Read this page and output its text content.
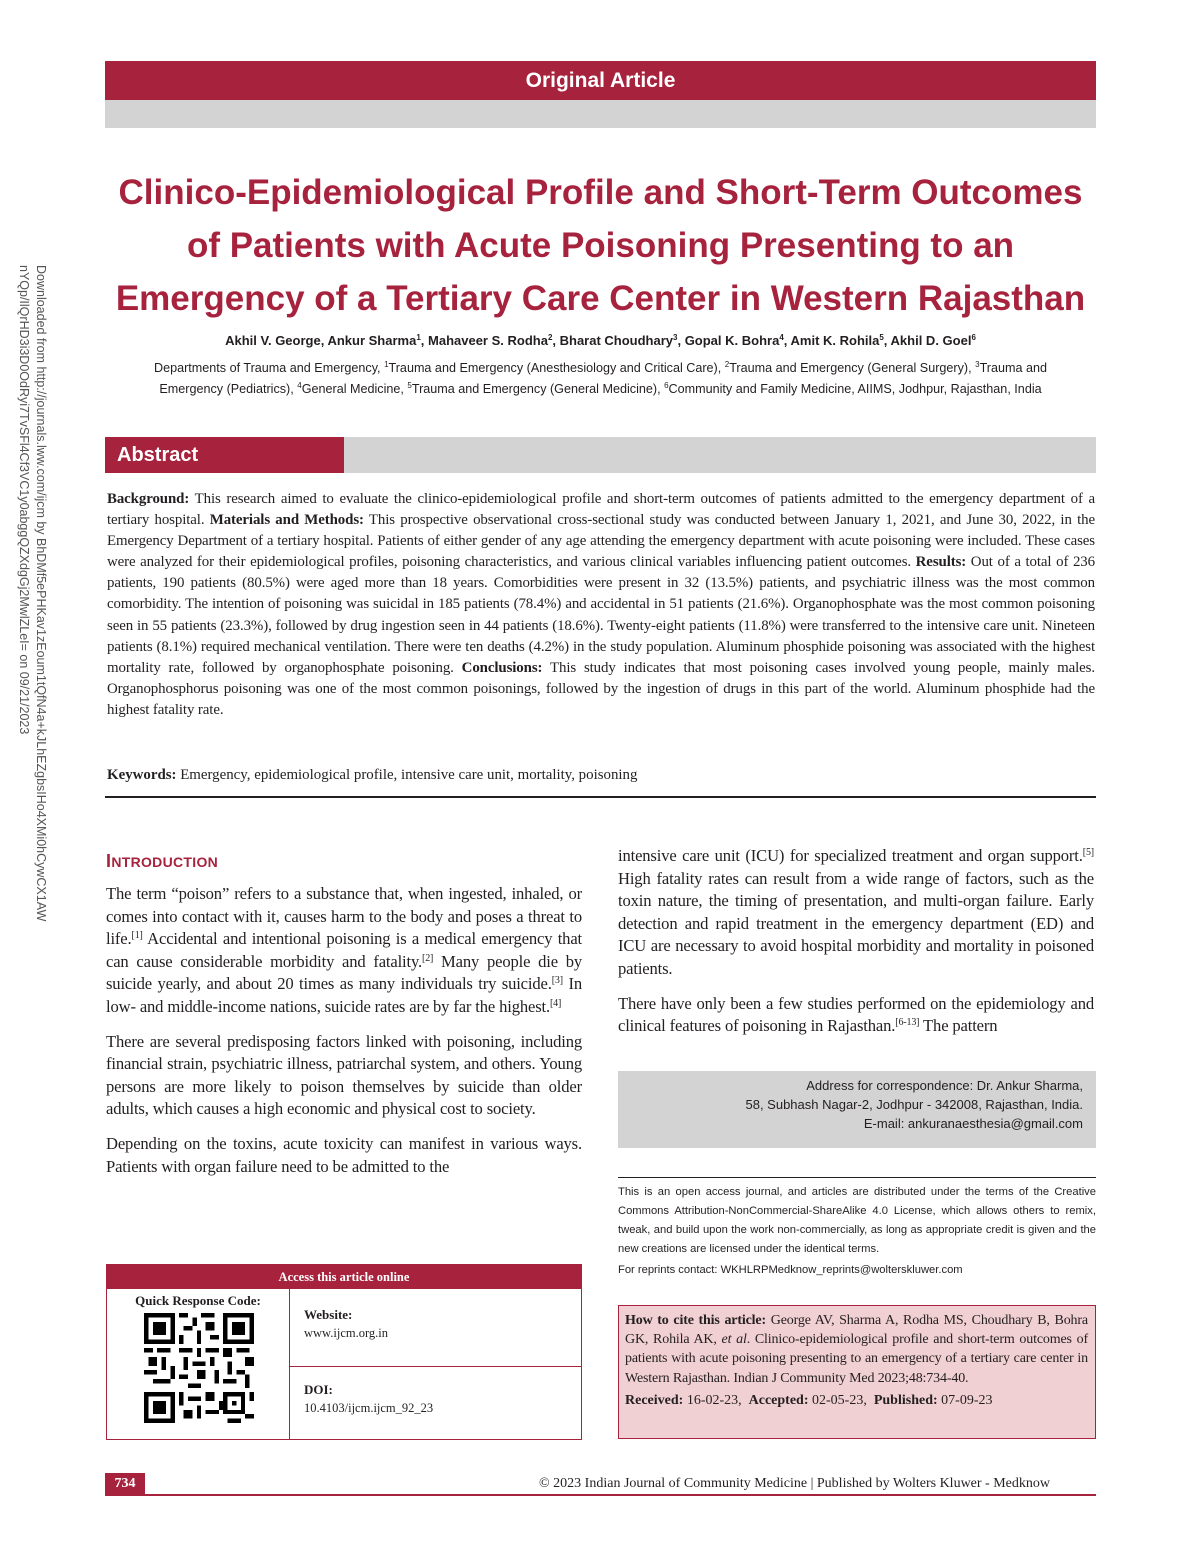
Downloaded from http://journals.lww.com/ijcm by BhDMf5ePHKav1zEoum1tQfN4a+kJLhEZgbsIHo4XMi0hCywCX1AW
nYQp/IlQrHD3i3D0OdRyi7TvSFl4Cf3VC1y0abggQZXdgGj2MwlZLeI= on 09/21/2023
Original Article
Clinico-Epidemiological Profile and Short-Term Outcomes of Patients with Acute Poisoning Presenting to an Emergency of a Tertiary Care Center in Western Rajasthan
Akhil V. George, Ankur Sharma$^1$, Mahaveer S. Rodha$^2$, Bharat Choudhary$^3$, Gopal K. Bohra$^4$, Amit K. Rohila$^5$, Akhil D. Goel$^6$
Departments of Trauma and Emergency, $^1$Trauma and Emergency (Anesthesiology and Critical Care), $^2$Trauma and Emergency (General Surgery), $^3$Trauma and Emergency (Pediatrics), $^4$General Medicine, $^5$Trauma and Emergency (General Medicine), $^6$Community and Family Medicine, AIIMS, Jodhpur, Rajasthan, India
Abstract

Background: This research aimed to evaluate the clinico-epidemiological profile and short-term outcomes of patients admitted to the emergency department of a tertiary hospital. Materials and Methods: This prospective observational cross-sectional study was conducted between January 1, 2021, and June 30, 2022, in the Emergency Department of a tertiary hospital. Patients of either gender of any age attending the emergency department with acute poisoning were included. These cases were analyzed for their epidemiological profiles, poisoning characteristics, and various clinical variables influencing patient outcomes. Results: Out of a total of 236 patients, 190 patients (80.5%) were aged more than 18 years. Comorbidities were present in 32 (13.5%) patients, and psychiatric illness was the most common comorbidity. The intention of poisoning was suicidal in 185 patients (78.4%) and accidental in 51 patients (21.6%). Organophosphate was the most common poisoning seen in 55 patients (23.3%), followed by drug ingestion seen in 44 patients (18.6%). Twenty-eight patients (11.8%) were transferred to the intensive care unit. Nineteen patients (8.1%) required mechanical ventilation. There were ten deaths (4.2%) in the study population. Aluminum phosphide poisoning was associated with the highest mortality rate, followed by organophosphate poisoning. Conclusions: This study indicates that most poisoning cases involved young people, mainly males. Organophosphorus poisoning was one of the most common poisonings, followed by the ingestion of drugs in this part of the world. Aluminum phosphide had the highest fatality rate.

Keywords: Emergency, epidemiological profile, intensive care unit, mortality, poisoning
INTRODUCTION

The term “poison” refers to a substance that, when ingested, inhaled, or comes into contact with it, causes harm to the body and poses a threat to life.[1] Accidental and intentional poisoning is a medical emergency that can cause considerable morbidity and fatality.[2] Many people die by suicide yearly, and about 20 times as many individuals try suicide.[3] In low- and middle-income nations, suicide rates are by far the highest.[4]

There are several predisposing factors linked with poisoning, including financial strain, psychiatric illness, patriarchal system, and others. Young persons are more likely to poison themselves by suicide than older adults, which causes a high economic and physical cost to society.

Depending on the toxins, acute toxicity can manifest in various ways. Patients with organ failure need to be admitted to the

intensive care unit (ICU) for specialized treatment and organ support.[5] High fatality rates can result from a wide range of factors, such as the toxin nature, the timing of presentation, and multi-organ failure. Early detection and rapid treatment in the emergency department (ED) and ICU are necessary to avoid hospital morbidity and mortality in poisoned patients.

There have only been a few studies performed on the epidemiology and clinical features of poisoning in Rajasthan.[6-13] The pattern

Address for correspondence: Dr. Ankur Sharma,
58, Subhash Nagar-2, Jodhpur - 342008, Rajasthan, India.
E-mail: ankuranaesthesia@gmail.com

This is an open access journal, and articles are distributed under the terms of the Creative Commons Attribution-NonCommercial-ShareAlike 4.0 License, which allows others to remix, tweak, and build upon the work non-commercially, as long as appropriate credit is given and the new creations are licensed under the identical terms.

For reprints contact: WKHLRPMedknow_reprints@wolterskluwer.com
How to cite this article: George AV, Sharma A, Rodha MS, Choudhary B, Bohra GK, Rohila AK, et al. Clinico-epidemiological profile and short-term outcomes of patients with acute poisoning presenting to an emergency of a tertiary care center in Western Rajasthan. Indian J Community Med 2023;48:734-40.
Received: 16-02-23, Accepted: 02-05-23, Published: 07-09-23
Access this article online
Quick Response Code:
Website:
www.ijcm.org.in
DOI:
10.4103/ijcm.ijcm_92_23
734	© 2023 Indian Journal of Community Medicine | Published by Wolters Kluwer - Medknow
